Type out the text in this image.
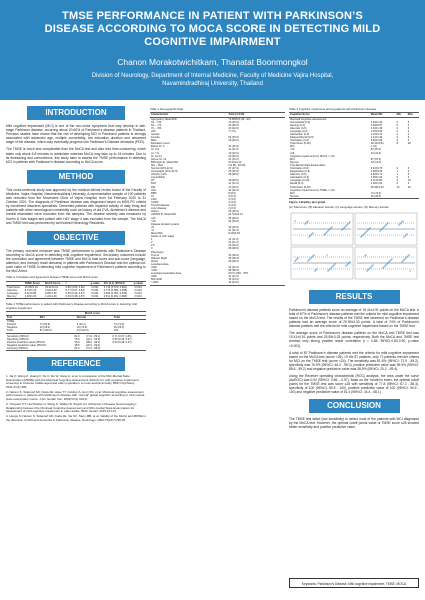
TMSE PERFORMANCE IN PATIENT WITH PARKINSON’S DISEASE ACCORDING TO MOCA SCORE IN DETECTING MILD COGNITIVE IMPAIRMENT
Chanon Morakotwichitkarn, Thanatat Boonmongkol
Division of Neurology, Department of Internal Medicine, Faculty of Medicine Vajira Hospital, Navamindradhiraj University, Thailand
INTRODUCTION

Mild cognitive impairment (MCI) is one of the non-motor symptoms that may develop in late-stage Parkinson disease, occurring about 20-60% of Parkinson’s disease patients in Thailand. Previous studies have shown that the risk of developing MCI in Parkinson patients is strongly associated with advanced age, multiple comorbidity, low education duration and advanced stage of the disease, which may eventually progress into Parkinson’s Disease dementia (PDD).

The TMSE is much less complicated than the MoCA test and also less time-consuming, which takes only about 6-8 minutes to administer whereas MoCA may take up to 15 minutes. Due to its timesaving and convenience, this study aims to assess the TMSE performance in detecting MCI in patients with Parkinson’s disease according to MoCA score.

METHOD

This cross-sectional study was approved by the medical ethical review board of the Faculty of Medicine, Vajira Hospital, Navamindradhiraj University. A representative sample of 100 patients was recruited from the Movement Clinic of Vajira Hospital, from 1st February 2020 to 31 October 2020. The diagnosis of Parkinson disease was diagnosed based on MDS-PD criteria by movement disorders specialists. Demented patients with impaired activity of daily living and patients with other neurological comorbidity such as history of old CVA, Alzheimer’s disease and mental retardation were excluded from the samples. The disease severity was measured by Hoehn & Yahr stages and patient with H&Y stage 4 was excluded from the sample. The MoCA and TMSE test was performed by well trained Neurology Residents.

OBJECTIVE

The primary outcome measure was TMSE performance in patients with Parkinson’s Disease according to MoCA score in detecting mild cognitive impairment. Secondary outcomes include the correlation and agreement between TMSE and MoCA total score and sub-score (language, attention, and memory recall domains) in patients with Parkinson’s Disease and the optimal cut-point value of TMSE in detecting mild cognitive impairment of Parkinson’s patients according to the MoCA test.

Table 3 Correlation and agreement between TMSE score and MoCA score
	TMSE Score	MoCA Score	r	p-value	ICC (2,1) (95%CI)	p-value
Total Score	25.95±3.33	19.41±4.91	0.86 (0.80, 0.90)	<0.001	0.713 (0.579, 0.801)	<0.001
Attention	8.74±1.33	4.64±1.49	0.77 (0.67, 0.84)	<0.001	0.775 (0.581, 0.848)	<0.001
Language	9.11±0.85	6.05±1.96	0.55 (0.39, 0.67)	<0.001	0.652 (0.351, 0.836)	<0.001
Memory	1.18±1.04	1.21±1.49	0.53 (0.38, 0.67)	<0.001	0.511 (0.281, 0.668)	<0.001
Table 4 TMSE performance in patient with Parkinson’s Disease according to MoCA score in detecting mild cognitive impairment
	MoCA score		
Test	MCI	Normal	Total
TMSE			
Positive	71 (81.6)	3 (23.1)	74 (74.0)
Negative	16 (18.4)	10 (76.9)	26 (26.0)
Total	87 (100.0)	13 (100.0)	100
Sensitivity (95%CI)	81.6	(71.9 - 89.1)	0.71 (0.67, 0.84)
Specificity (95%CI)	76.9	(46.2 - 95.0)	0.55 (0.39, 0.67)
Positive predictive value (95%CI)	95.9	(88.6 - 99.2)	0.53 (0.38, 0.67)
Negative predictive value (95%CI)	38.5	(20.2 - 59.4)	
Accuracy (95%CI)	81.0	(72.0 - 88.2)	
REFERENCE

1. Jia X, Wang Z, Huang F, Su C, Du W, Jiang H, et al. A comparison of the Mini-Mental State Examination (MMSE) with the Montreal Cognitive Assessment (MoCA) for mild cognitive impairment screening in Chinese middle-aged and older population: a cross-sectional study. BMC Psychiatry. 2021;21(1):485.

2. Nazem S, Siderowf AD, Duda JE, Have TT, Colcher A, Horn SS, et al. Montreal cognitive assessment performance in patients with Parkinson’s disease with “normal” global cognition according to mini-mental state examination score. J Am Geriatr Soc. 2009;57(2):304-8.

3. Trzepacz PT, Hochstetler H, Wang S, Walker B, Saykin AJ. Alzheimer’s Disease Neuroimaging I. Relationship between the Montreal Cognitive Assessment and Mini-mental State Examination for assessment of mild cognitive impairment in older adults. BMC Geriatr. 2015;15:107.

4. Hoops S, Nazem S, Siderowf AD, Duda JE, Xie SX, Stern MB, et al. Validity of the MoCA and MMSE in the detection of MCI and dementia in Parkinson disease. Neurology. 2009;73(21):1738-45.

Table 1 Demographic Data
Characteristic	Total (n=100)
Age(years), Mean±SD	72.68±8.8 (49 - 93)
40 – <60	10 (10.0)
60 – <70	25 (25.0)
70 – <80	42 (42.0)
≥80	7 (7.0)
Gender	
Female	54 (54.0)
Male	46 (46.0)
Education Level	
Below Gr. 6	22 (22.0)
Gr. 6-9	11 (11.0)
Gr. 7-9	10 (10.0)
Gr. 10-12	20 (20.0)
Above Gr. 12	31 (31.0)
BMI (kg/m2), Mean±SD	23.22±4.12
Min – Max	(14.85 - 40.59)
Normal (18.5-22.9)	47 (47.0)
Overweight (23.0-24.9)	25 (25.0)
Obesity (≥25)	28 (28.0)
Comorbidity	
HT	48 (48.0)
DLP	41 (41.0)
DM	20 (20.0)
OLF	32 (32.0)
RBD	8 (8.0)
Ol	6 (6.0)
CKD	3 (3.0)
COPD	4 (4.0)
Thyroid disease	4 (4.0)
Liver disease	2 (2.0)
Others	25 (25.0)
UPDRS III, Mean±SD	21.72±10.31
≤20	46 (46.0)
>20	54 (54.0)
Disease duration (years)	
≤5	39 (39.0)
>5	61 (61.0)
Mean±SD	8.19±4.66
Hoehn & Yahr stage	
1	11 (11.0)
2	41 (41.0)
2.5	20 (20.0)
3	28 (28.0)
Phenotype	
Tremor	36 (36.0)
Akinetic Rigid	36 (36.0)
Mixed	28 (28.0)
Levodopa dose	
≤600	42 (42.0)
>600	58 (58.0)
Levodopa equivalent dose	672.5 (250 - 757)
≤600	41 (41.0)
600-1000	15 (15.0)
>1000	44 (44.0)
Table 2 Cognitive impairment among patients with Parkinson’s disease
Cognitive Score	Mean±SD	Min	Max
Montreal Cognitive Assessment			
Visuospatial (0-5)	2.69±1.62	0	5
Naming (0-3)	2.69±0.57	0	3
Attention (0-6)	4.64±1.49	0	6
Language (0-3)	1.45±0.96	0	3
Abstraction (0-2)	1.16±0.74	0	2
Delayed Recall (0-5)	1.21±1.49	0	5
Orientation (0-6)	5.60±1.06	0	6
Total Score (0-30)	19.41±4.91	8	28
MCI	n (%)		
<26	87 (87.0)		
≥26	13 (13.0)		
Cognitive impairments by MoCA, n (%)			
MCI	87 (87.0)		
Normal	13 (13.0)		
Thai Mental State Examination			
Orientation (0-6)	5.91±0.75	0	6
Registration (0-3)	2.95±0.29	1	3
Attention (0-5)	4.60±0.71	1	5
Calculation (0-3)	1.69±1.06	0	3
Language (0-10)	9.11±0.85	6	10
Recall (0-3)	1.18±1.04	0	3
Total Score (0-30)	25.95±3.33	14	30
Cognitive impairments by TMSE, n (%)			
MCI	74 (74.0)		
Normal	26 (26.0)		
Figure 1 Bradley plot graph
(A) Total score, (B) Attention domain, (C) Language domain, (D) Memory domain
RESULTS

Parkinson’s disease patients score an average of 19.41±4.91 points on the MoCA test. A total of 87% of Parkinson’s disease patients met the criteria for mild cognitive impairment based on the MoCA test. The results of the TMSE test screened on Parkinson’s disease patients had an average score of 25.95±3.33 points. A total of 74% of Parkinson’s disease patients met the criteria for mild cognitive impairment based on the TMSE test.

The average score of Parkinson’s disease patients on the MoCA and TMSE test was 19.41±4.91 points and 25.95±3.33 points, respectively. Both the MoCA and TMSE test showed very strong positive linear correlation (r = 0.86, 95%CI:0.80-0.90, p-value <0.001).

A total of 87 Parkinson’s disease patients met the criteria for mild cognitive impairment based on the MoCA test (score <26). Of the 87 patients, only 71 patients met the criteria for MCI on the TMSE test (score <24). The sensitivity was 81.6% (95%CI: 71.9 - 89.2), specificity was 76.9% (95%CI: 46.2 - 95.0), positive predictive value was 95.9% (95%CI: 88.6 - 99.2) and negative predictive value was 38.5% (95%CI: 20.2 - 59.4).

Using the Receiver operating characteristic (ROC) analysis, the area under the curve (AuROC) was 0.92 (95%CI: 0.86 – 0.97). Base on the Youden’s index, the optimal cutoff points for the TMSE test was score ≤28 with sensitivity of 77.8 (95%CI: 67.2 - 86.3), specificity of 100 (95%CI: 80.5 - 100), positive predictive value of 100 (95%CI: 94.9 - 100) and negative predictive value of 51.4 (95%CI: 34.4 - 68.1).

CONCLUSION

The TMSE test failed (low sensitivity) to detect most of the patients with MCI diagnosed by the MoCA test. However, the optimal cutoff points value of TMSE score ≤28 showed better sensitivity and positive predictive value.

Keywords: Parkinson’s Disease, Mild cognitive impairment, TMSE, MOCA
